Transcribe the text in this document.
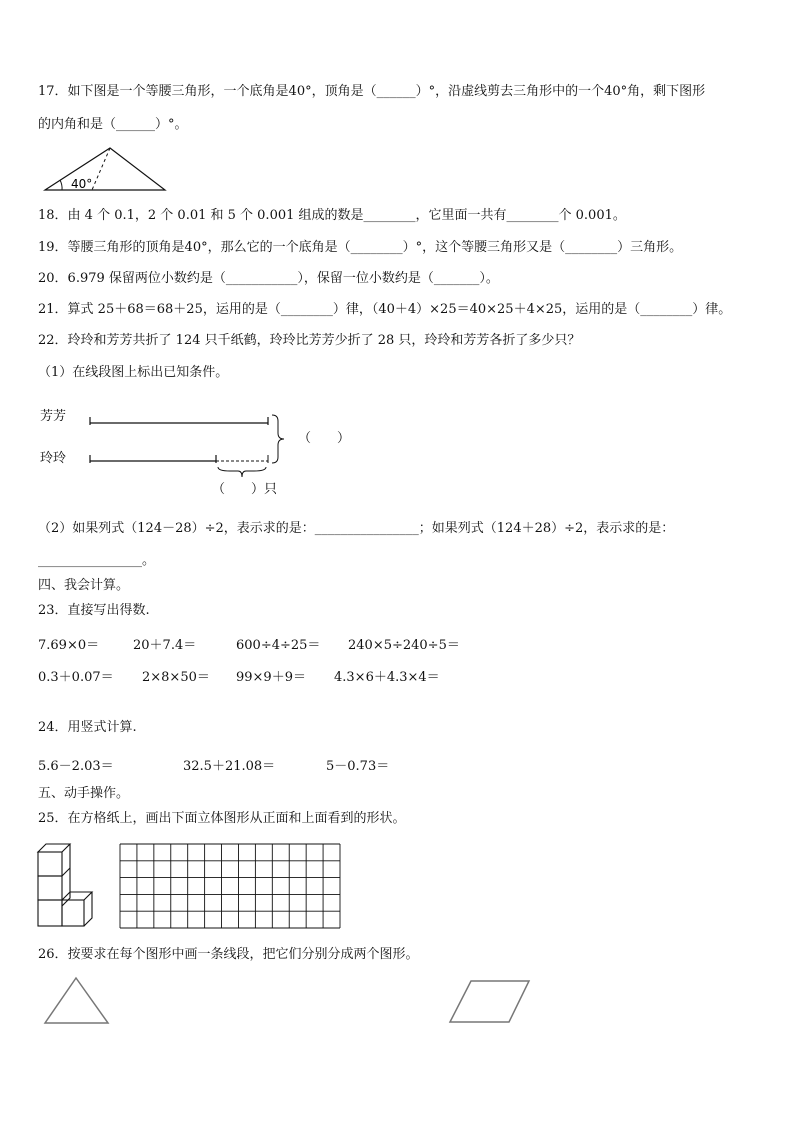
17．如下图是一个等腰三角形，一个底角是40°，顶角是（______）°，沿虚线剪去三角形中的一个40°角，剩下图形
的内角和是（______）°。
40°
18．由 4 个 0.1，2 个 0.01 和 5 个 0.001 组成的数是________，它里面一共有________个 0.001。
19．等腰三角形的顶角是40°，那么它的一个底角是（________）°，这个等腰三角形又是（________）三角形。
20．6.979 保留两位小数约是（___________），保留一位小数约是（_______）。
21．算式 25＋68＝68＋25，运用的是（________）律，（40＋4）×25＝40×25＋4×25，运用的是（________）律。
22．玲玲和芳芳共折了 124 只千纸鹤，玲玲比芳芳少折了 28 只，玲玲和芳芳各折了多少只？
（1）在线段图上标出已知条件。
芳芳
玲玲
（　　）
（　　）只
（2）如果列式（124－28）÷2，表示求的是：________________；如果列式（124＋28）÷2，表示求的是：
________________。
四、我会计算。
23．直接写出得数.
7.69×0＝	20＋7.4＝	600÷4÷25＝ 240×5÷240÷5＝
0.3＋0.07＝ 2×8×50＝ 99×9＋9＝ 4.3×6＋4.3×4＝
24．用竖式计算.
5.6－2.03＝	32.5＋21.08＝	5－0.73＝
五、动手操作。
25．在方格纸上，画出下面立体图形从正面和上面看到的形状。
26．按要求在每个图形中画一条线段，把它们分别分成两个图形。
